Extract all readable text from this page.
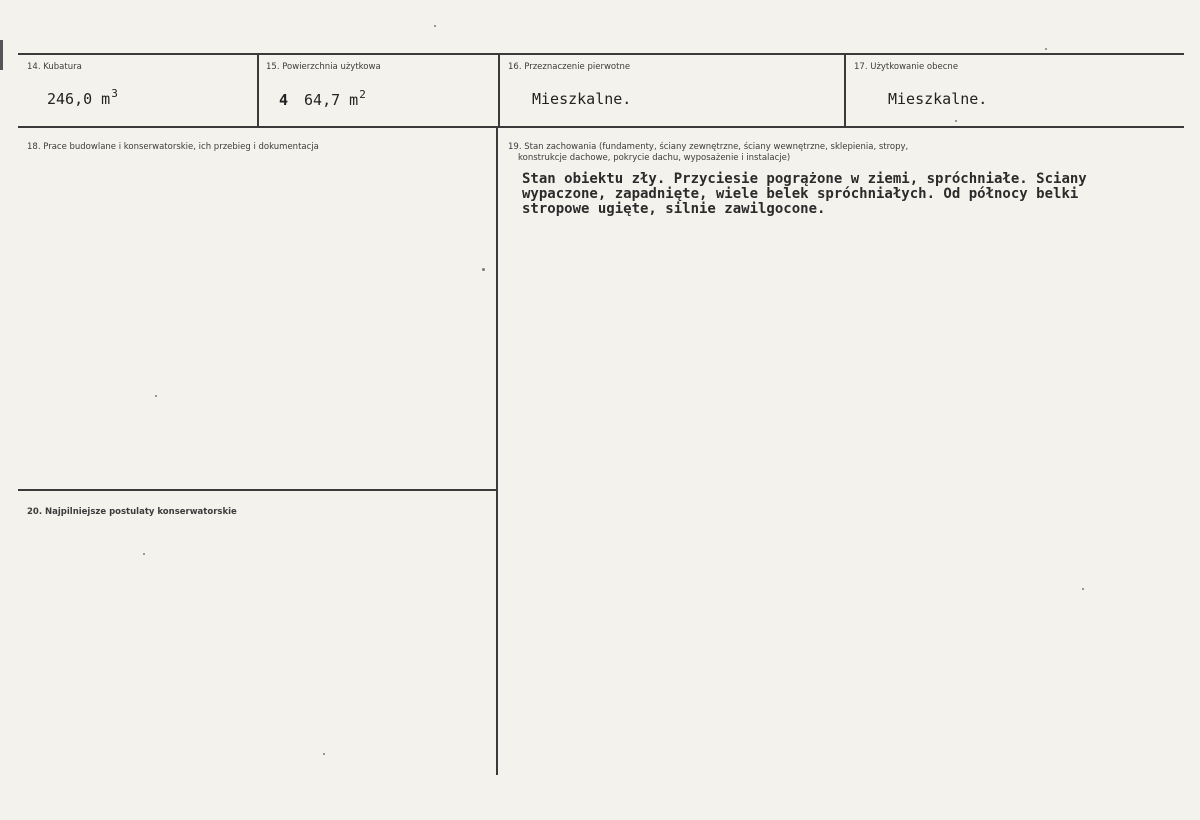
14. Kubatura
246,0 $m^3$
15. Powierzchnia użytkowa
4 64,7 $m^2$
16. Przeznaczenie pierwotne
Mieszkalne.
17. Użytkowanie obecne
Mieszkalne.
18. Prace budowlane i konserwatorskie, ich przebieg i dokumentacja	19. Stan zachowania (fundamenty, ściany zewnętrzne, ściany wewnętrzne, sklepienia, stropy,
konstrukcje dachowe, pokrycie dachu, wyposażenie i instalacje)
Stan obiektu zły. Przyciesie pogrążone w ziemi, spróchniałe. Sciany
wypaczone, zapadnięte, wiele belek spróchniałych. Od północy belki
stropowe ugięte, silnie zawilgocone.
20. Najpilniejsze postulaty konserwatorskie
